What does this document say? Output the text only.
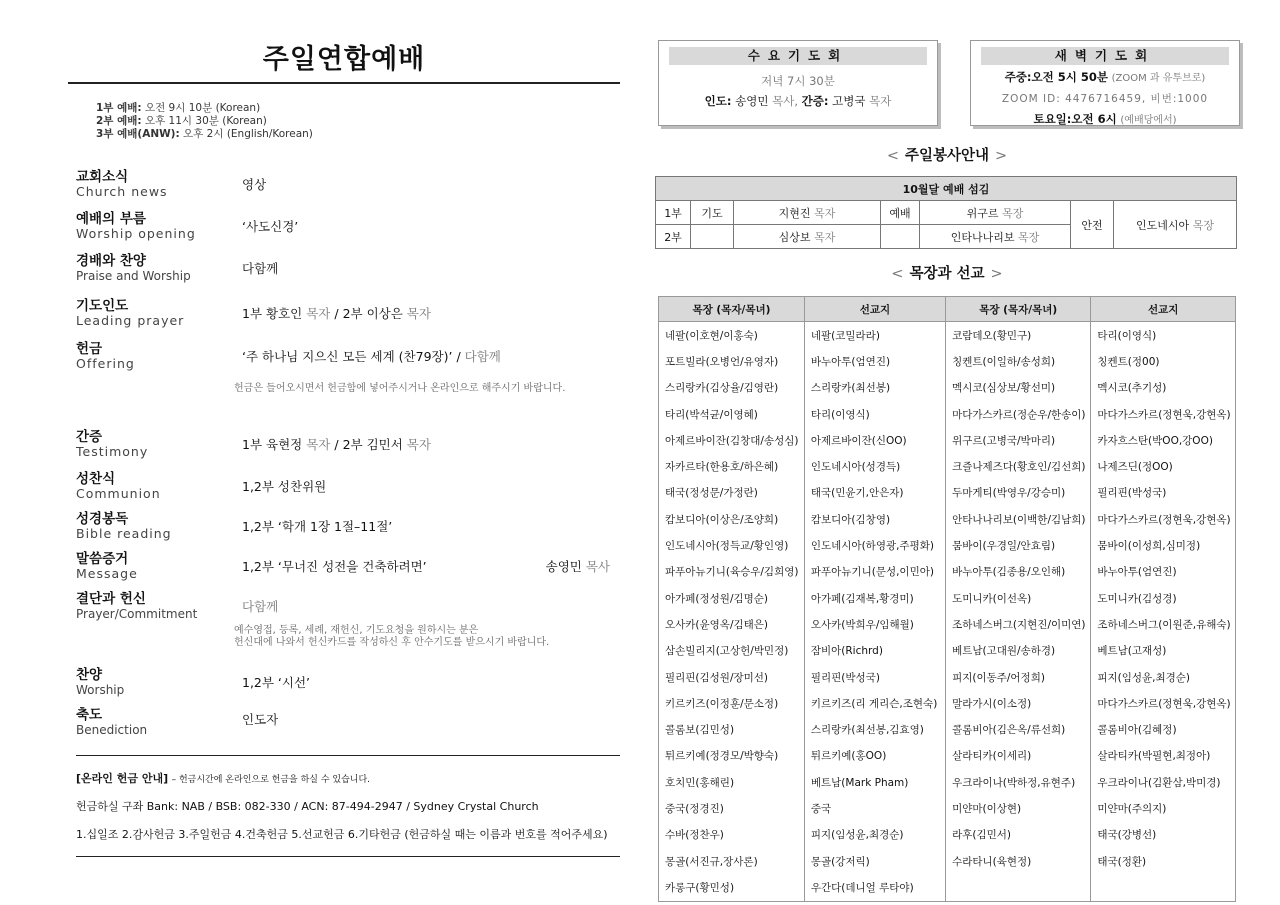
주일연합예배
1부 예배: 오전 9시 10분 (Korean)
2부 예배: 오후 11시 30분 (Korean)
3부 예배(ANW): 오후 2시 (English/Korean)
교회소식
Church news	영상
예배의 부름
Worship opening	‘사도신경’
경배와 찬양
Praise and Worship	다함께
기도인도
Leading prayer	1부 황호인 목자 / 2부 이상은 목자
헌금
Offering	‘주 하나님 지으신 모든 세계 (찬79장)’ / 다함께
헌금은 들어오시면서 헌금함에 넣어주시거나 온라인으로 해주시기 바랍니다.
간증
Testimony	1부 육현정 목자 / 2부 김민서 목자
성찬식
Communion	1,2부 성찬위원
성경봉독
Bible reading	1,2부 ‘학개 1장 1절–11절’
말씀증거
Message	1,2부 ‘무너진 성전을 건축하려면’	송영민 목사
결단과 헌신
Prayer/Commitment	다함께
예수영접, 등록, 세례, 재헌신, 기도요청을 원하시는 분은
헌신대에 나와서 헌신카드를 작성하신 후 안수기도를 받으시기 바랍니다.
찬양
Worship	1,2부 ‘시선’
축도
Benediction
인도자
[온라인 헌금 안내] – 헌금시간에 온라인으로 헌금을 하실 수 있습니다.
헌금하실 구좌 Bank: NAB / BSB: 082-330 / ACN: 87-494-2947 / Sydney Crystal Church
1.십일조 2.감사헌금 3.주일헌금 4.건축헌금 5.선교헌금 6.기타헌금 (헌금하실 때는 이름과 번호를 적어주세요)
수요기도회
저녁 7시 30분
인도: 송영민 목사, 간증: 고병국 목자
새벽기도회
주중:오전 5시 50분 (ZOOM 과 유투브로)
ZOOM ID: 4476716459, 비번:1000
토요일:오전 6시 (예배당에서)
< 주일봉사안내 >
10월달 예배 섬김						
1부	기도	지현진 목자	예배	위구르 목장	안전	인도네시아 목장
2부		심상보 목자		인타나나리보 목장		
< 목장과 선교 >
목장 (목자/목녀)	선교지	목장 (목자/목녀)	선교지
네팔(이호현/이홍숙)	네팔(코밀라라)	코람데오(황민구)	타리(이영식)
포트빌라(오병언/유영자)	바누아투(엄연진)	칭켄트(이일하/송성희)	칭켄트(정00)
스리랑카(김상율/김영란)	스리랑카(최선봉)	멕시코(심상보/황선미)	멕시코(추기성)
타리(박석균/이영혜)	타리(이영식)	마다가스카르(정순우/한송이)	마다가스카르(정현욱,강현옥)
아제르바이잔(김창대/송성심)	아제르바이잔(신OO)	위구르(고병국/박마리)	카자흐스탄(박OO,강OO)
자카르타(한용호/하은혜)	인도네시아(성경득)	크즐나제즈다(황호인/김선희)	나제즈딘(정OO)
태국(정성문/가정란)	태국(민윤기,안은자)	두마게티(박영우/강승미)	필리핀(박성국)
캄보디아(이상은/조양희)	캄보디아(김창영)	안타나나리보(이백한/김남희)	마다가스카르(정현욱,강현옥)
인도네시아(정득교/황인영)	인도네시아(하영광,주평화)	뭄바이(우경일/안효림)	뭄바이(이성희,심미정)
파푸아뉴기니(육승우/김희영)	파푸아뉴기니(문성,이민아)	바누아투(김종용/오인해)	바누아투(엄연진)
아가페(정성원/김명순)	아가페(김재복,황경미)	도미니카(이선옥)	도미니카(김성경)
오사카(윤영옥/김태은)	오사카(박희우/임해월)	조하네스버그(지현진/이미연)	조하네스버그(이원준,유해숙)
삼손빌리지(고상헌/박민정)	잠비아(Richrd)	베트남(고대원/송하경)	베트남(고재성)
필리핀(김성원/장미선)	필리핀(박성국)	피지(이동주/어정희)	피지(임성윤,최경순)
키르키즈(이정훈/문소정)	키르키즈(리 게리슨,조현숙)	말라가시(이소정)	마다가스카르(정현욱,강현옥)
콜롬보(김민성)	스리랑카(최선봉,김효영)	콜롬비아(김은옥/류선희)	콜롬비아(김혜정)
튀르키예(정경모/박향숙)	튀르키예(홍OO)	살라티카(이세리)	살라티카(박필현,최정아)
호치민(홍해린)	베트남(Mark Pham)	우크라이나(박하정,유현주)	우크라이나(김환삼,박미경)
중국(정경진)	중국	미얀마(이상현)	미얀마(주의지)
수바(정찬우)	피지(임성윤,최경순)	라후(김민서)	태국(강병선)
몽골(서진규,장사론)	몽골(강저릭)	수라타니(육현정)	태국(정환)
카롱구(황민성)	우간다(데니얼 루타야)		
